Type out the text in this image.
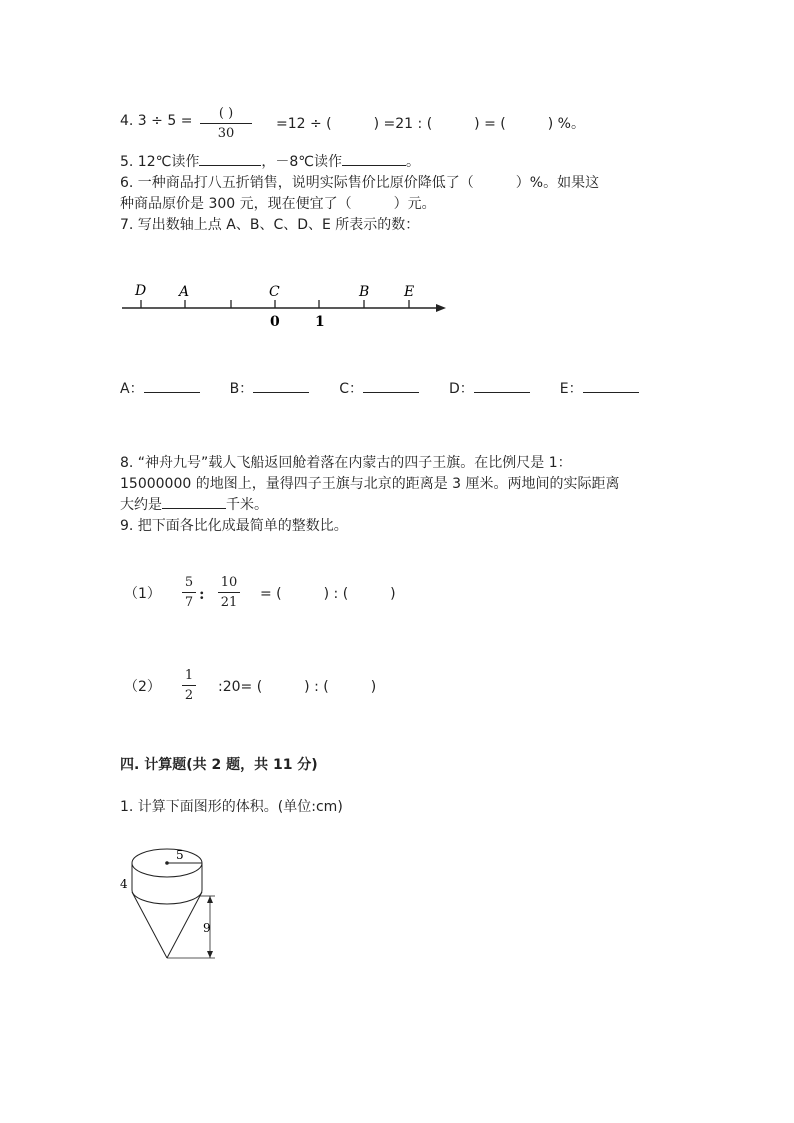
4. 3 ÷ 5 =	( )
30
=12 ÷ (　　　) =21 : (　　　) = (　　　) %。
5. 12℃读作	，－8℃读作	。
6. 一种商品打八五折销售，说明实际售价比原价降低了（　　　）%。如果这
种商品原价是 300 元，现在便宜了（　　　）元。
7. 写出数轴上点 A、B、C、D、E 所表示的数：
D A	C	B E
0	1
A：	B：	C：	D：	E：
8. “神舟九号”载人飞船返回舱着落在内蒙古的四子王旗。在比例尺是 1：
15000000 的地图上，量得四子王旗与北京的距离是 3 厘米。两地间的实际距离
大约是	千米。
9. 把下面各比化成最简单的整数比。
（1）
5
7 :
10
21
= (　　　) : (　　　)
（2）
1
2
:20= (　　　) : (　　　)
四. 计算题(共 2 题，共 11 分)
1. 计算下面图形的体积。(单位:cm)
5
4
9
